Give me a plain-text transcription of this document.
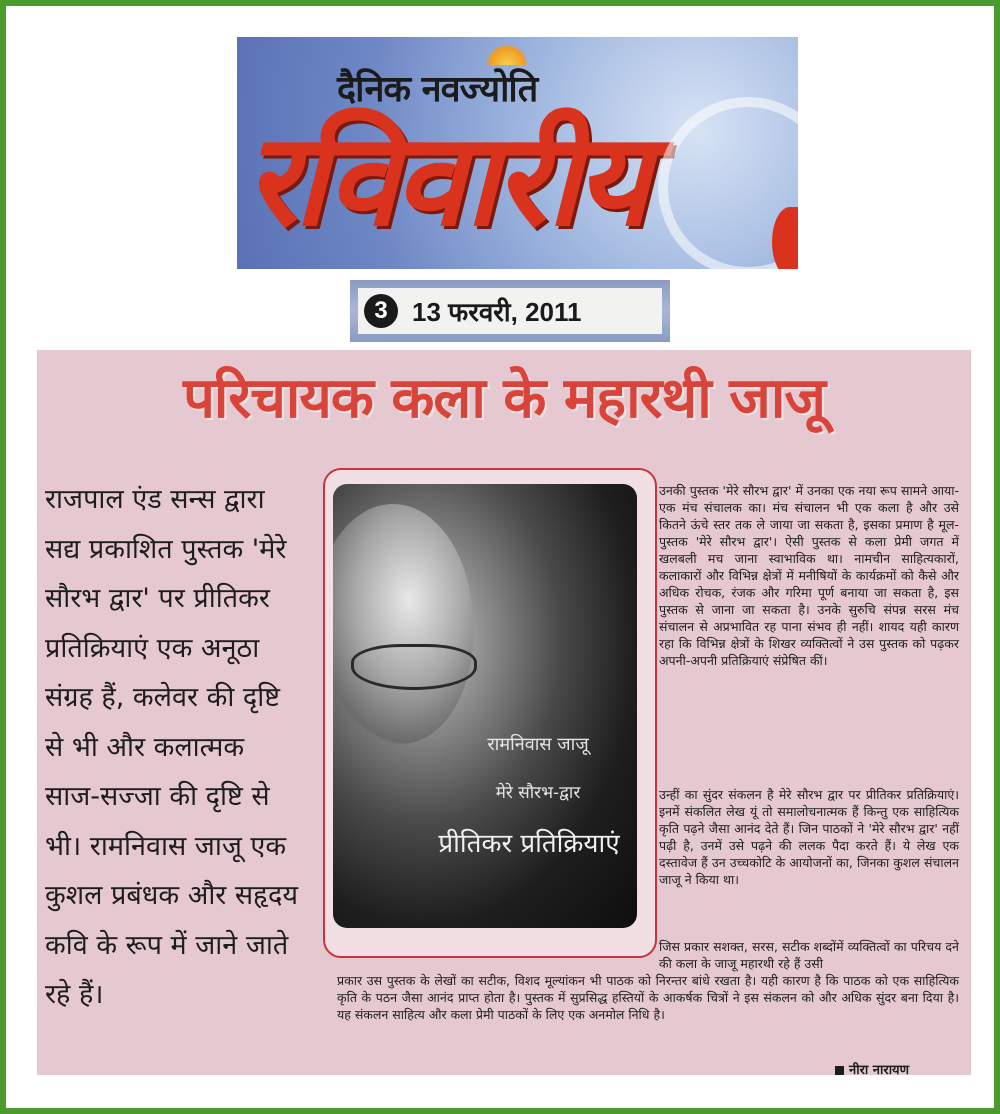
दैनिक नवज्योति
रविवारीय
3 13 फरवरी, 2011
परिचायक कला के महारथी जाजू
राजपाल एंड सन्स द्वारा सद्य प्रकाशित पुस्तक 'मेरे सौरभ द्वार' पर प्रीतिकर प्रतिक्रियाएं एक अनूठा संग्रह हैं, कलेवर की दृष्टि से भी और कलात्मक साज-सज्जा की दृष्टि से भी। रामनिवास जाजू एक कुशल प्रबंधक और सहृदय कवि के रूप में जाने जाते रहे हैं।
रामनिवास जाजू
मेरे सौरभ-द्वार
प्रीतिकर प्रतिक्रियाएं
उनकी पुस्तक 'मेरे सौरभ द्वार' में उनका एक नया रूप सामने आया- एक मंच संचालक का। मंच संचालन भी एक कला है और उसे कितने ऊंचे स्तर तक ले जाया जा सकता है, इसका प्रमाण है मूल-पुस्तक 'मेरे सौरभ द्वार'। ऐसी पुस्तक से कला प्रेमी जगत में खलबली मच जाना स्वाभाविक था। नामचीन साहित्यकारों, कलाकारों और विभिन्न क्षेत्रों में मनीषियों के कार्यक्रमों को कैसे और अधिक रोचक, रंजक और गरिमा पूर्ण बनाया जा सकता है, इस पुस्तक से जाना जा सकता है। उनके सुरुचि संपन्न सरस मंच संचालन से अप्रभावित रह पाना संभव ही नहीं। शायद यही कारण रहा कि विभिन्न क्षेत्रों के शिखर व्यक्तित्वों ने उस पुस्तक को पढ़कर अपनी-अपनी प्रतिक्रियाएं संप्रेषित कीं।
उन्हीं का सुंदर संकलन है मेरे सौरभ द्वार पर प्रीतिकर प्रतिक्रियाएं। इनमें संकलित लेख यूं तो समालोचनात्मक हैं किन्तु एक साहित्यिक कृति पढ़ने जैसा आनंद देते हैं। जिन पाठकों ने 'मेरे सौरभ द्वार' नहीं पढ़ी है, उनमें उसे पढ़ने की ललक पैदा करते हैं। ये लेख एक दस्तावेज हैं उन उच्चकोटि के आयोजनों का, जिनका कुशल संचालन जाजू ने किया था।
जिस प्रकार सशक्त, सरस, सटीक शब्दोंमें व्यक्तित्वों का परिचय दने की कला के जाजू महारथी रहे हैं उसी
प्रकार उस पुस्तक के लेखों का सटीक, विशद मूल्यांकन भी पाठक को निरन्तर बांधे रखता है। यही कारण है कि पाठक को एक साहित्यिक कृति के पठन जैसा आनंद प्राप्त होता है। पुस्तक में सुप्रसिद्ध हस्तियों के आकर्षक चित्रों ने इस संकलन को और अधिक सुंदर बना दिया है। यह संकलन साहित्य और कला प्रेमी पाठकों के लिए एक अनमोल निधि है।
नीरा नारायण
